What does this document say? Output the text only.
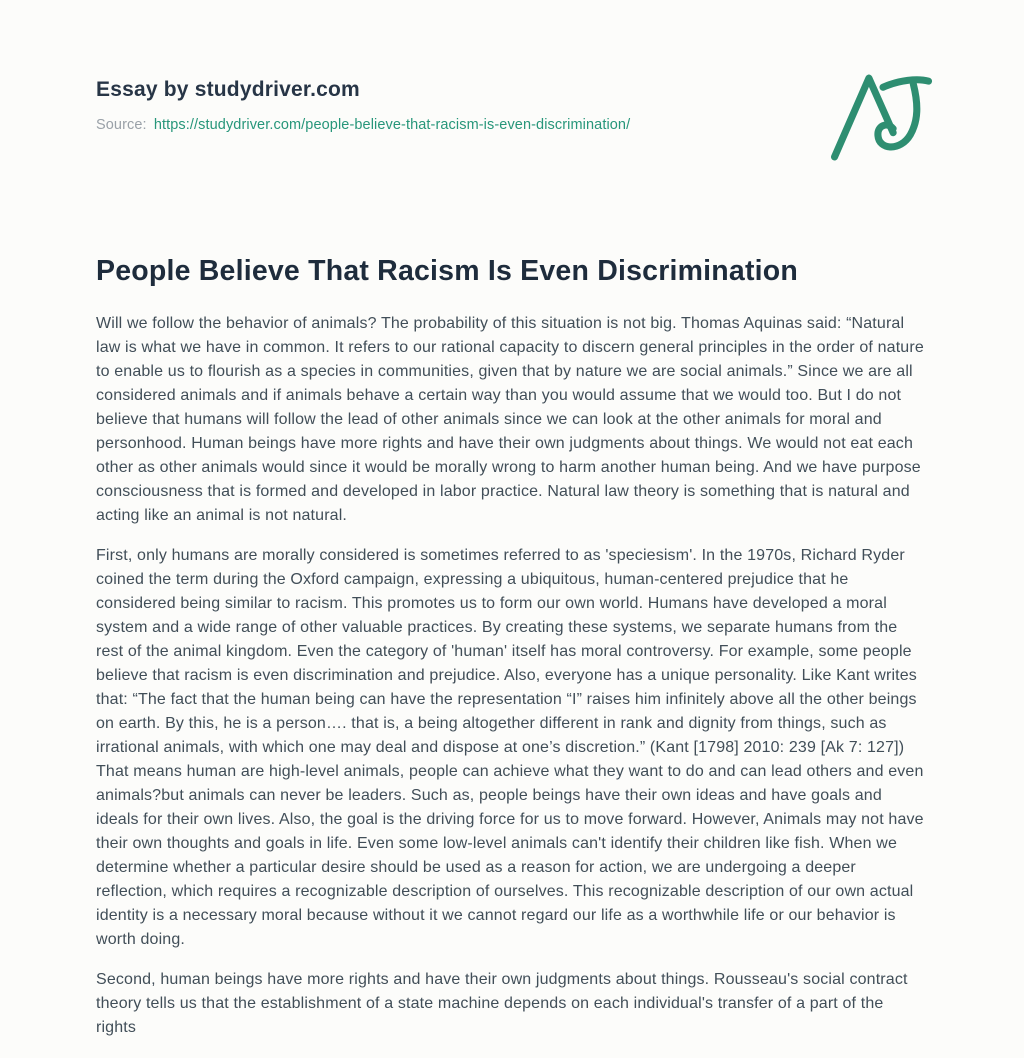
Essay by studydriver.com
Source: https://studydriver.com/people-believe-that-racism-is-even-discrimination/
People Believe That Racism Is Even Discrimination

Will we follow the behavior of animals? The probability of this situation is not big. Thomas Aquinas said: “Natural law is what we have in common. It refers to our rational capacity to discern general principles in the order of nature to enable us to flourish as a species in communities, given that by nature we are social animals.” Since we are all considered animals and if animals behave a certain way than you would assume that we would too. But I do not believe that humans will follow the lead of other animals since we can look at the other animals for moral and personhood. Human beings have more rights and have their own judgments about things. We would not eat each other as other animals would since it would be morally wrong to harm another human being. And we have purpose consciousness that is formed and developed in labor practice. Natural law theory is something that is natural and acting like an animal is not natural.

First, only humans are morally considered is sometimes referred to as 'speciesism'. In the 1970s, Richard Ryder coined the term during the Oxford campaign, expressing a ubiquitous, human-centered prejudice that he considered being similar to racism. This promotes us to form our own world. Humans have developed a moral system and a wide range of other valuable practices. By creating these systems, we separate humans from the rest of the animal kingdom. Even the category of 'human' itself has moral controversy. For example, some people believe that racism is even discrimination and prejudice. Also, everyone has a unique personality. Like Kant writes that: “The fact that the human being can have the representation “I” raises him infinitely above all the other beings on earth. By this, he is a person…. that is, a being altogether different in rank and dignity from things, such as irrational animals, with which one may deal and dispose at one’s discretion.” (Kant [1798] 2010: 239 [Ak 7: 127]) That means human are high-level animals, people can achieve what they want to do and can lead others and even animals?but animals can never be leaders. Such as, people beings have their own ideas and have goals and ideals for their own lives. Also, the goal is the driving force for us to move forward. However, Animals may not have their own thoughts and goals in life. Even some low-level animals can't identify their children like fish. When we determine whether a particular desire should be used as a reason for action, we are undergoing a deeper reflection, which requires a recognizable description of ourselves. This recognizable description of our own actual identity is a necessary moral because without it we cannot regard our life as a worthwhile life or our behavior is worth doing.

Second, human beings have more rights and have their own judgments about things. Rousseau's social contract theory tells us that the establishment of a state machine depends on each individual's transfer of a part of the rights
